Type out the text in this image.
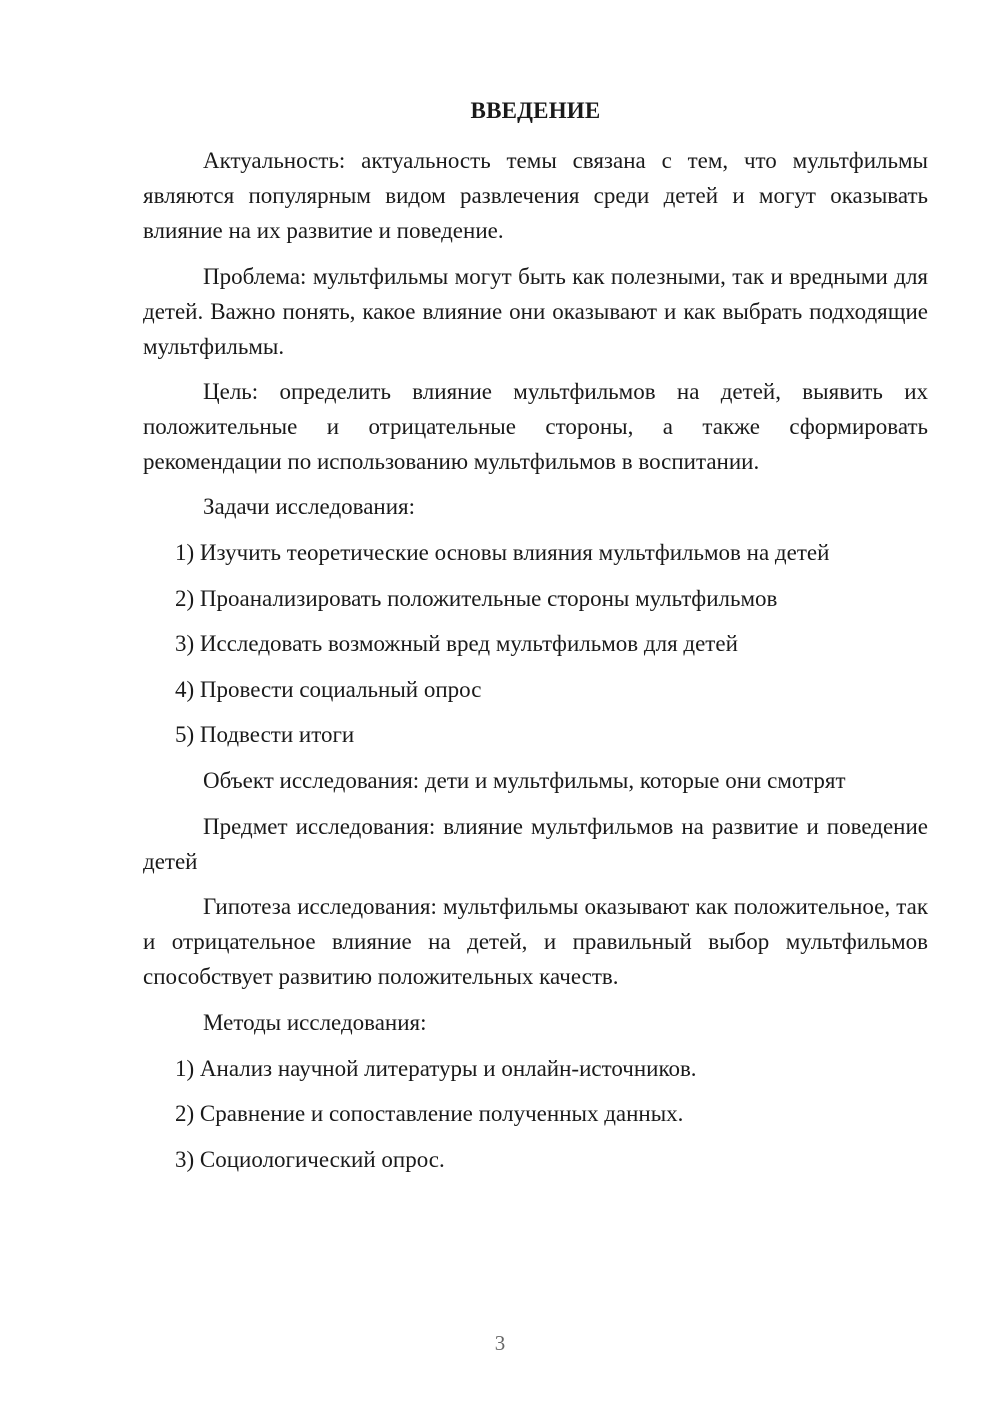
ВВЕДЕНИЕ

Актуальность: актуальность темы связана с тем, что мультфильмы являются популярным видом развлечения среди детей и могут оказывать влияние на их развитие и поведение.

Проблема: мультфильмы могут быть как полезными, так и вредными для детей. Важно понять, какое влияние они оказывают и как выбрать подходящие мультфильмы.

Цель: определить влияние мультфильмов на детей, выявить их положительные и отрицательные стороны, а также сформировать рекомендации по использованию мультфильмов в воспитании.

Задачи исследования:

1) Изучить теоретические основы влияния мультфильмов на детей

2) Проанализировать положительные стороны мультфильмов

3) Исследовать возможный вред мультфильмов для детей

4) Провести социальный опрос

5) Подвести итоги

Объект исследования: дети и мультфильмы, которые они смотрят

Предмет исследования: влияние мультфильмов на развитие и поведение детей

Гипотеза исследования: мультфильмы оказывают как положительное, так и отрицательное влияние на детей, и правильный выбор мультфильмов способствует развитию положительных качеств.

Методы исследования:

1) Анализ научной литературы и онлайн-источников.

2) Сравнение и сопоставление полученных данных.

3) Социологический опрос.

3
